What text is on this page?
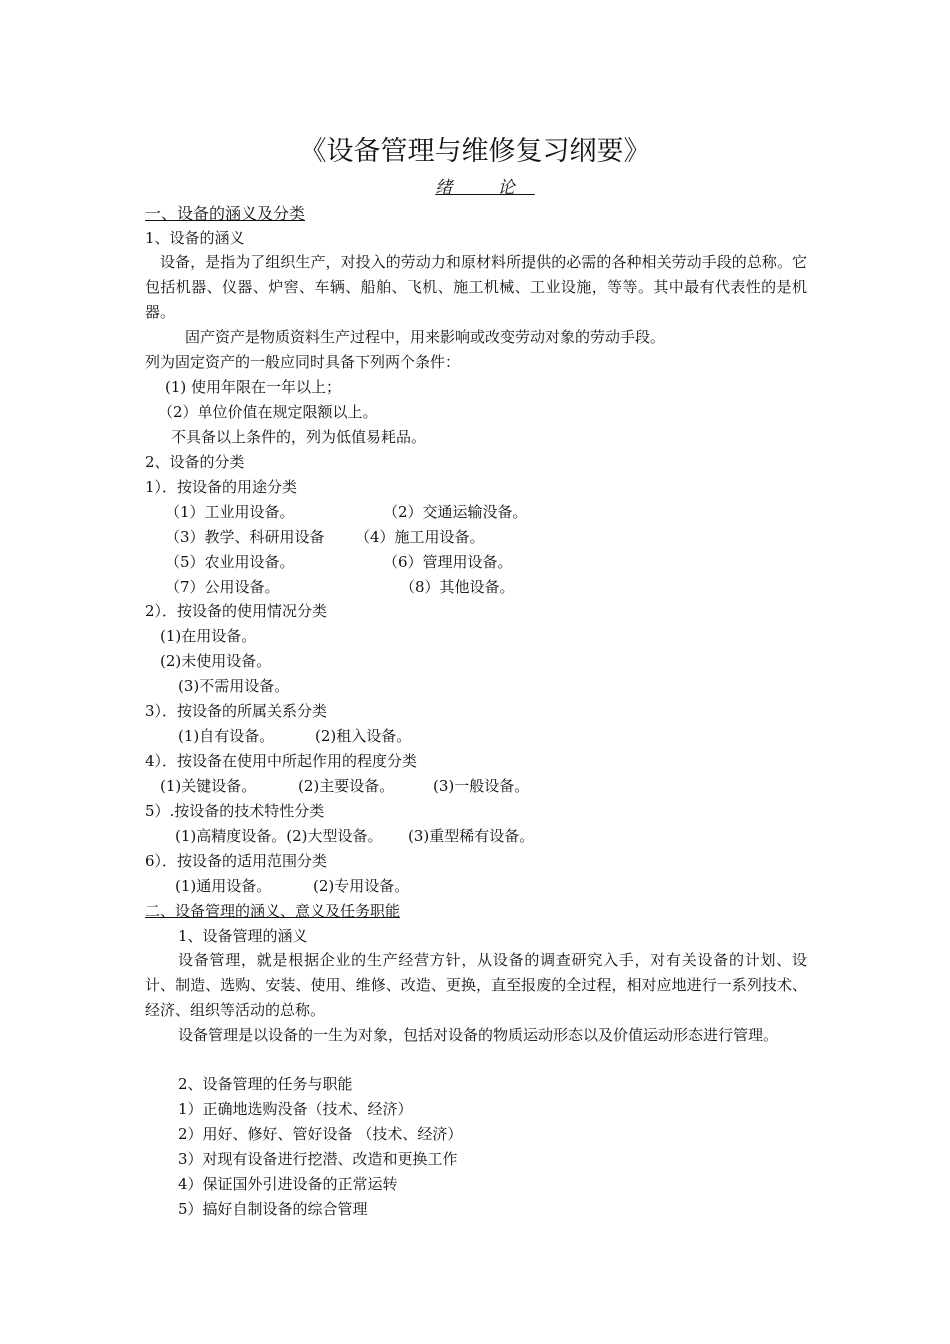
《设备管理与维修复习纲要》
绪 论
一、设备的涵义及分类
1、设备的涵义
设备，是指为了组织生产，对投入的劳动力和原材料所提供的必需的各种相关劳动手段的总称。它包括机器、仪器、炉窖、车辆、船舶、飞机、施工机械、工业设施，等等。其中最有代表性的是机器。
固产资产是物质资料生产过程中，用来影响或改变劳动对象的劳动手段。
列为固定资产的一般应同时具备下列两个条件：
(1) 使用年限在一年以上；
（2）单位价值在规定限额以上。
不具备以上条件的，列为低值易耗品。
2、设备的分类
1）．按设备的用途分类
（1）工业用设备。	（2）交通运输没备。
（3）教学、科研用设备 （4）施工用设备。
（5）农业用设备。	（6）管理用设备。
（7）公用设备。	（8）其他设备。
2）．按设备的使用情况分类
(1)在用设备。
(2)未使用设备。
(3)不需用设备。
3）．按设备的所属关系分类
(1)自有设备。	(2)租入设备。
4）．按设备在使用中所起作用的程度分类
(1)关键设备。	(2)主要设备。	(3)一般设备。
5）.按设备的技术特性分类
(1)高精度设备。(2)大型设备。 (3)重型稀有设备。
6）．按设备的适用范围分类
(1)通用设备。	(2)专用设备。
二、设备管理的涵义、意义及任务职能
1、设备管理的涵义
设备管理，就是根据企业的生产经营方针，从设备的调查研究入手，对有关设备的计划、设计、制造、选购、安装、使用、维修、改造、更换，直至报废的全过程，相对应地进行一系列技术、经济、组织等活动的总称。
设备管理是以设备的一生为对象，包括对设备的物质运动形态以及价值运动形态进行管理。
2、设备管理的任务与职能
1）正确地选购没备（技术、经济）
2）用好、修好、管好设备 （技术、经济）
3）对现有设备进行挖潜、改造和更换工作
4）保证国外引进设备的正常运转
5）搞好自制设备的综合管理
